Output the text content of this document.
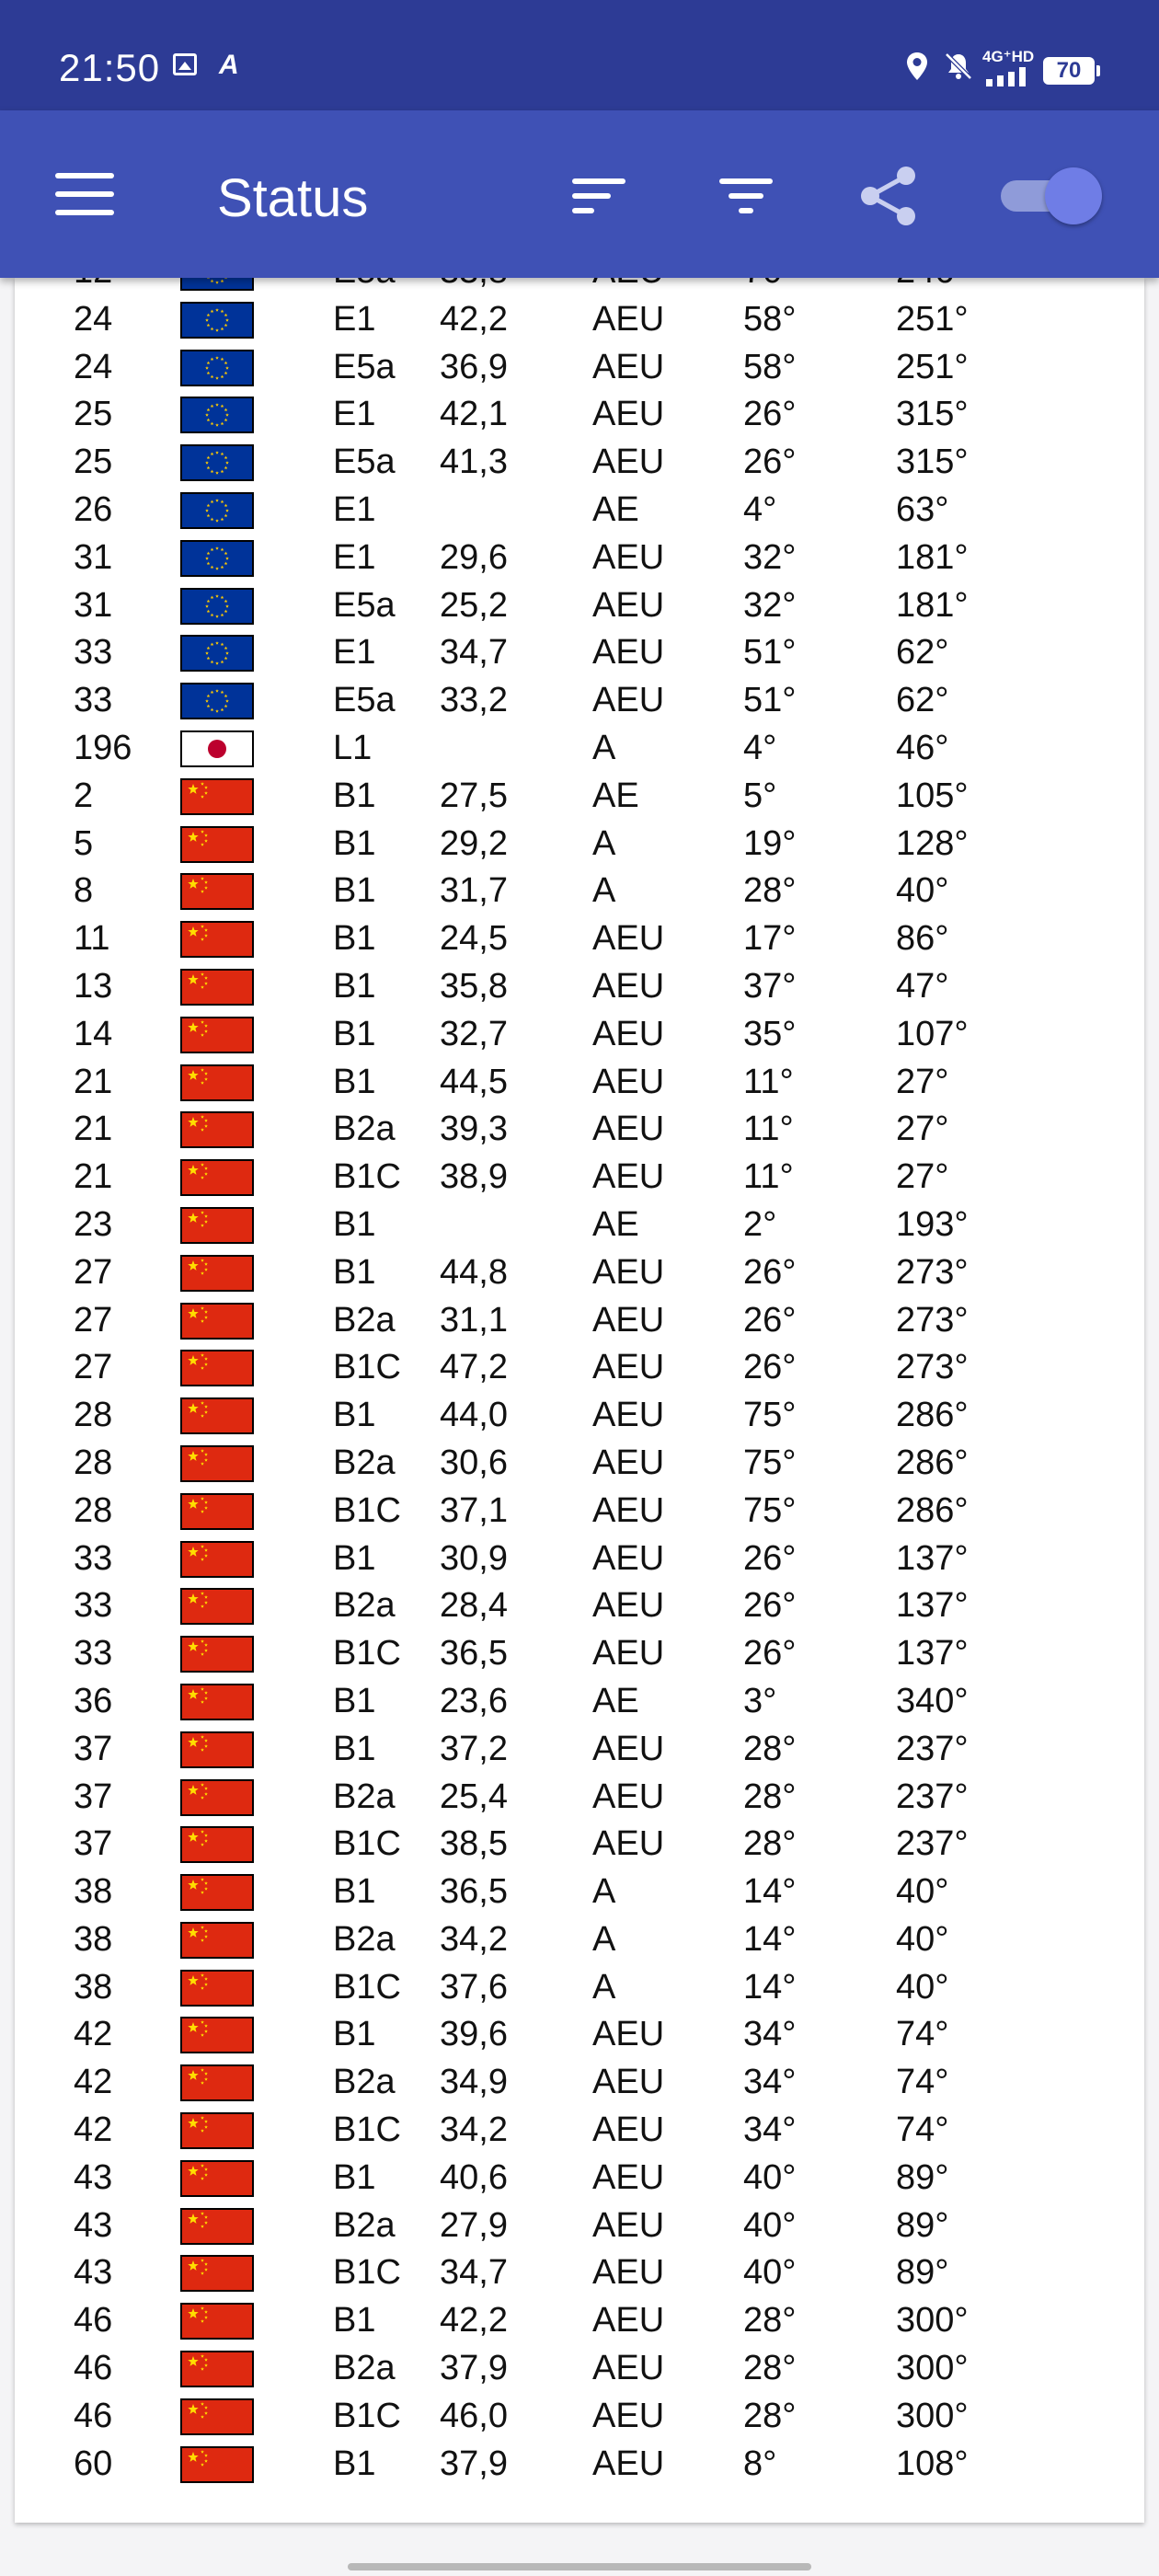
21:50 A	4G⁺HD
70
Status
24	E1 42,2 AEU 58°	251°
24	E5a 36,9 AEU 58°	251°
25	E1 42,1 AEU 26°	315°
25	E5a 41,3 AEU 26°	315°
26	E1	AE	4°	63°
31	E1 29,6 AEU 32°	181°
31	E5a 25,2 AEU 32°	181°
33	E1 34,7 AEU 51°	62°
33	E5a 33,2 AEU 51°	62°
196	L1	A	4°	46°
2	B1 27,5 AE	5°	105°
5	B1 29,2 A	19°	128°
8	B1 31,7 A	28°	40°
11	B1 24,5 AEU 17°	86°
13	B1 35,8 AEU 37°	47°
14	B1 32,7 AEU 35°	107°
21	B1 44,5 AEU 11°	27°
21	B2a 39,3 AEU 11°	27°
21	B1C 38,9 AEU 11°	27°
23	B1	AE	2°	193°
27	B1 44,8 AEU 26°	273°
27	B2a 31,1 AEU 26°	273°
27	B1C 47,2 AEU 26°	273°
28	B1 44,0 AEU 75°	286°
28	B2a 30,6 AEU 75°	286°
28	B1C 37,1 AEU 75°	286°
33	B1 30,9 AEU 26°	137°
33	B2a 28,4 AEU 26°	137°
33	B1C 36,5 AEU 26°	137°
36	B1 23,6 AE	3°	340°
37	B1 37,2 AEU 28°	237°
37	B2a 25,4 AEU 28°	237°
37	B1C 38,5 AEU 28°	237°
38	B1 36,5 A	14°	40°
38	B2a 34,2 A	14°	40°
38	B1C 37,6 A	14°	40°
42	B1 39,6 AEU 34°	74°
42	B2a 34,9 AEU 34°	74°
42	B1C 34,2 AEU 34°	74°
43	B1 40,6 AEU 40°	89°
43	B2a 27,9 AEU 40°	89°
43	B1C 34,7 AEU 40°	89°
46	B1 42,2 AEU 28°	300°
46	B2a 37,9 AEU 28°	300°
46	B1C 46,0 AEU 28°	300°
60	B1 37,9 AEU 8°	108°
